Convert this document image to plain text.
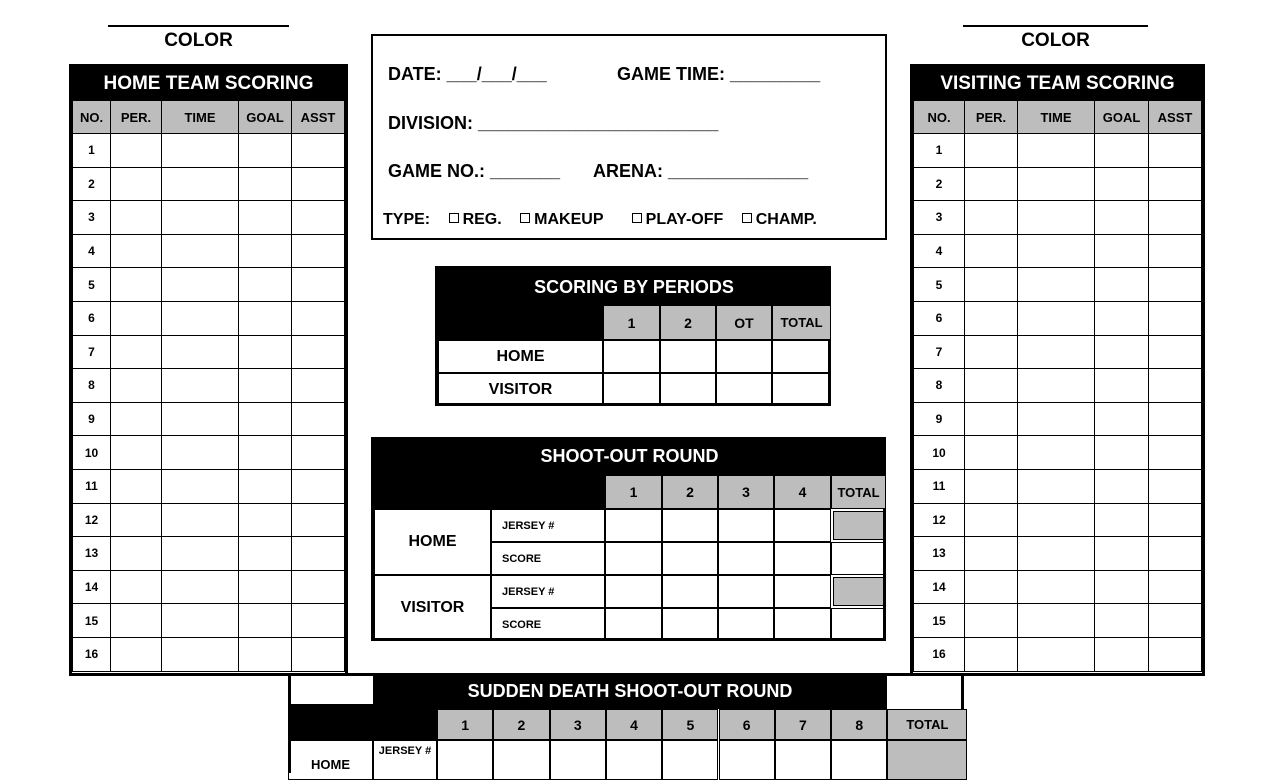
COLOR	COLOR
HOME TEAM SCORING
NO.	PER.	TIME	GOAL	ASST
1				
2				
3				
4				
5				
6				
7				
8				
9				
10				
11				
12				
13				
14				
15				
16				
VISITING TEAM SCORING
NO.	PER.	TIME	GOAL	ASST
1				
2				
3				
4				
5				
6				
7				
8				
9				
10				
11				
12				
13				
14				
15				
16				
DATE: ___/___/___	GAME TIME: _________
DIVISION: ________________________
GAME NO.: _______ ARENA: ______________
TYPE: REG. MAKEUP	PLAY-OFF CHAMP.
SCORING BY PERIODS
1	2	OT	TOTAL
HOME
VISITOR
SHOOT-OUT ROUND
1	2	3	4	TOTAL
HOME
JERSEY #
SCORE
VISITOR
JERSEY #
SCORE
SUDDEN DEATH SHOOT-OUT ROUND
1	2	3	4	5	6	7	8	TOTAL
HOME
JERSEY #
